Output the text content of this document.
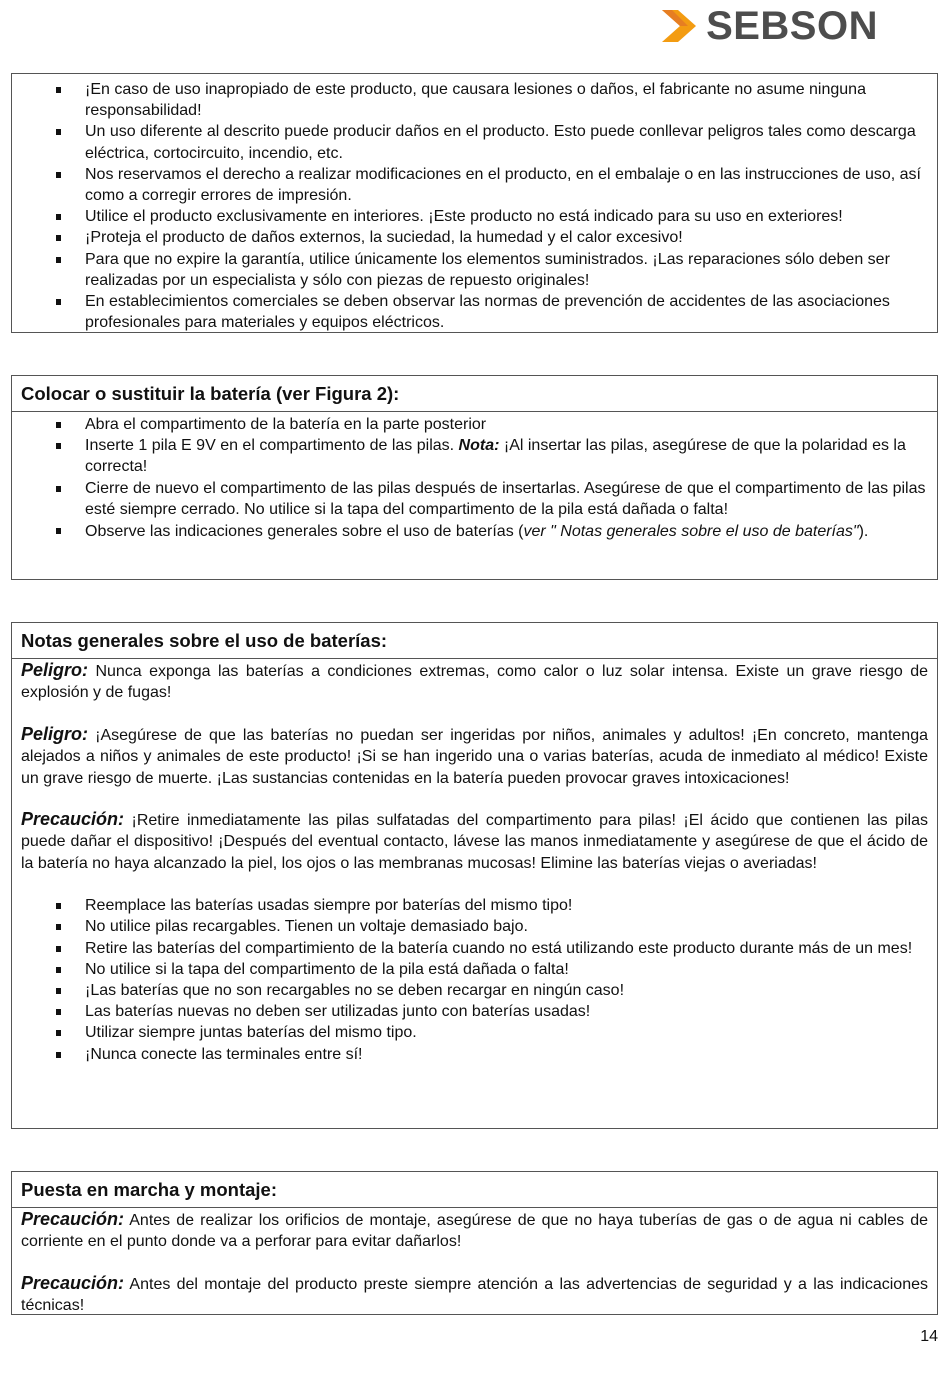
SEBSON
¡En caso de uso inapropiado de este producto, que causara lesiones o daños, el fabricante no asume ninguna responsabilidad!
Un uso diferente al descrito puede producir daños en el producto. Esto puede conllevar peligros tales como descarga eléctrica, cortocircuito, incendio, etc.
Nos reservamos el derecho a realizar modificaciones en el producto, en el embalaje o en las instrucciones de uso, así como a corregir errores de impresión.
Utilice el producto exclusivamente en interiores. ¡Este producto no está indicado para su uso en exteriores!
¡Proteja el producto de daños externos, la suciedad, la humedad y el calor excesivo!
Para que no expire la garantía, utilice únicamente los elementos suministrados. ¡Las reparaciones sólo deben ser realizadas por un especialista y sólo con piezas de repuesto originales!
En establecimientos comerciales se deben observar las normas de prevención de accidentes de las asociaciones profesionales para materiales y equipos eléctricos.
Colocar o sustituir la batería (ver Figura 2):
Abra el compartimento de la batería en la parte posterior
Inserte 1 pila E 9V en el compartimento de las pilas. Nota: ¡Al insertar las pilas, asegúrese de que la polaridad es la correcta!
Cierre de nuevo el compartimento de las pilas después de insertarlas. Asegúrese de que el compartimento de las pilas esté siempre cerrado. No utilice si la tapa del compartimento de la pila está dañada o falta!
Observe las indicaciones generales sobre el uso de baterías (ver " Notas generales sobre el uso de baterías").
Notas generales sobre el uso de baterías:
Peligro: Nunca exponga las baterías a condiciones extremas, como calor o luz solar intensa. Existe un grave riesgo de explosión y de fugas!
Peligro: ¡Asegúrese de que las baterías no puedan ser ingeridas por niños, animales y adultos! ¡En concreto, mantenga alejados a niños y animales de este producto! ¡Si se han ingerido una o varias baterías, acuda de inmediato al médico! Existe un grave riesgo de muerte. ¡Las sustancias contenidas en la batería pueden provocar graves intoxicaciones!
Precaución: ¡Retire inmediatamente las pilas sulfatadas del compartimento para pilas! ¡El ácido que contienen las pilas puede dañar el dispositivo! ¡Después del eventual contacto, lávese las manos inmediatamente y asegúrese de que el ácido de la batería no haya alcanzado la piel, los ojos o las membranas mucosas! Elimine las baterías viejas o averiadas!
Reemplace las baterías usadas siempre por baterías del mismo tipo!
No utilice pilas recargables. Tienen un voltaje demasiado bajo.
Retire las baterías del compartimiento de la batería cuando no está utilizando este producto durante más de un mes!
No utilice si la tapa del compartimento de la pila está dañada o falta!
¡Las baterías que no son recargables no se deben recargar en ningún caso!
Las baterías nuevas no deben ser utilizadas junto con baterías usadas!
Utilizar siempre juntas baterías del mismo tipo.
¡Nunca conecte las terminales entre sí!
Puesta en marcha y montaje:
Precaución: Antes de realizar los orificios de montaje, asegúrese de que no haya tuberías de gas o de agua ni cables de corriente en el punto donde va a perforar para evitar dañarlos!
Precaución: Antes del montaje del producto preste siempre atención a las advertencias de seguridad y a las indicaciones técnicas!
14
